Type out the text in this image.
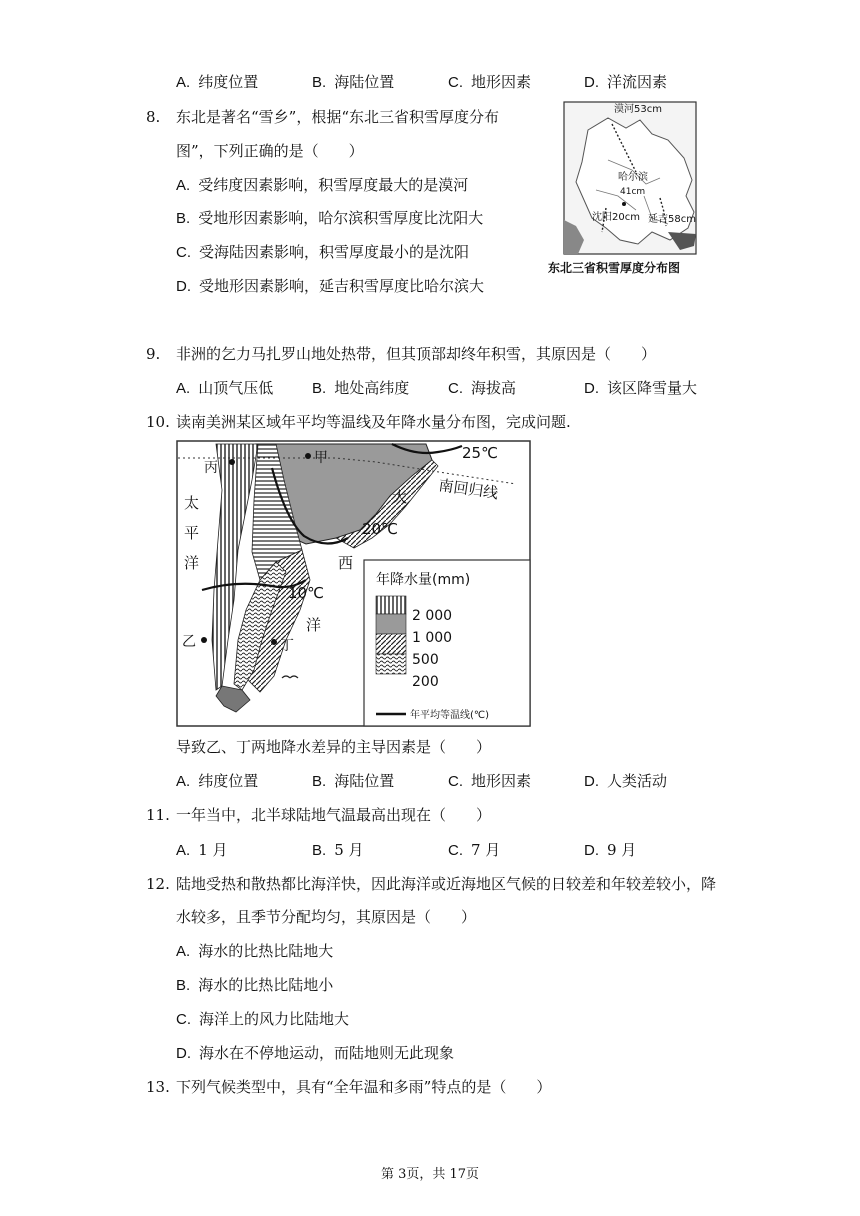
A. 纬度位置	B. 海陆位置	C. 地形因素	D. 洋流因素
8. 东北是著名“雪乡”，根据“东北三省积雪厚度分布
图”，下列正确的是（　　）
A. 受纬度因素影响，积雪厚度最大的是漠河
B. 受地形因素影响，哈尔滨积雪厚度比沈阳大
C. 受海陆因素影响，积雪厚度最小的是沈阳
D. 受地形因素影响，延吉积雪厚度比哈尔滨大
漠河53cm
哈尔滨
41cm
沈阳20cm 延吉58cm
东北三省积雪厚度分布图
9. 非洲的乞力马扎罗山地处热带，但其顶部却终年积雪，其原因是（　　）
A. 山顶气压低	B. 地处高纬度	C. 海拔高	D. 该区降雪量大
10. 读南美洲某区域年平均等温线及年降水量分布图，完成问题.
甲
丙
乙	丁
25℃
20℃
10℃
南回归线
太
平
洋
大
西
洋
年降水量(mm)
2 000
1 000
500
200
年平均等温线(℃)
导致乙、丁两地降水差异的主导因素是（　　）
A. 纬度位置	B. 海陆位置	C. 地形因素	D. 人类活动
11. 一年当中，北半球陆地气温最高出现在（　　）
A. 1 月	B. 5 月	C. 7 月	D. 9 月
12. 陆地受热和散热都比海洋快，因此海洋或近海地区气候的日较差和年较差较小，降
水较多，且季节分配均匀，其原因是（　　）
A. 海水的比热比陆地大
B. 海水的比热比陆地小
C. 海洋上的风力比陆地大
D. 海水在不停地运动，而陆地则无此现象
13. 下列气候类型中，具有“全年温和多雨”特点的是（　　）
第 3页，共 17页
